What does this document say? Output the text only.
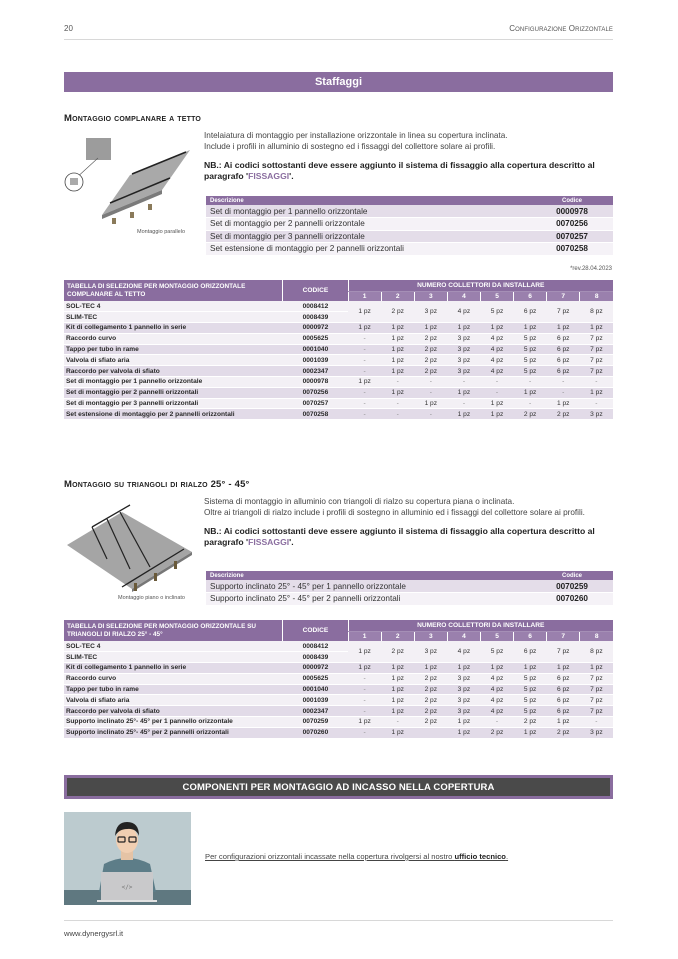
20	Configurazione Orizzontale
Staffaggi
Montaggio complanare a tetto
Montaggio parallelo
Intelaiatura di montaggio per installazione orizzontale in linea su copertura inclinata.
Include i profili in alluminio di sostegno ed i fissaggi del collettore solare ai profili.
NB.: Ai codici sottostanti deve essere aggiunto il sistema di fissaggio alla copertura descritto al paragrafo 'FISSAGGI'.
Descrizione	Codice
Set di montaggio per 1 pannello orizzontale	0000978
Set di montaggio per 2 pannelli orizzontale	0070256
Set di montaggio per 3 pannelli orizzontale	0070257
Set estensione di montaggio per 2 pannelli orizzontali	0070258
*rev.28.04.2023
TABELLA DI SELEZIONE PER MONTAGGIO ORIZZONTALE COMPLANARE AL TETTO	CODICE	NUMERO COLLETTORI DA INSTALLARE							
		1	2	3	4	5	6	7	8
SOL-TEC 4	0008412	1 pz	2 pz	3 pz	4 pz	5 pz	6 pz	7 pz	8 pz
SLIM-TEC	0008439								
Kit di collegamento 1 pannello in serie	0000972	1 pz	1 pz	1 pz	1 pz	1 pz	1 pz	1 pz	1 pz
Raccordo curvo	0005625	-	1 pz	2 pz	3 pz	4 pz	5 pz	6 pz	7 pz
Tappo per tubo in rame	0001040	-	1 pz	2 pz	3 pz	4 pz	5 pz	6 pz	7 pz
Valvola di sfiato aria	0001039	-	1 pz	2 pz	3 pz	4 pz	5 pz	6 pz	7 pz
Raccordo per valvola di sfiato	0002347	-	1 pz	2 pz	3 pz	4 pz	5 pz	6 pz	7 pz
Set di montaggio per 1 pannello orizzontale	0000978	1 pz	-	-	-	-	-	-	-
Set di montaggio per 2 pannelli orizzontali	0070256	-	1 pz	-	1 pz	-	1 pz	-	1 pz
Set di montaggio per 3 pannelli orizzontali	0070257	-	-	1 pz	-	1 pz	-	1 pz	-
Set estensione di montaggio per 2 pannelli orizzontali	0070258	-	-	-	1 pz	1 pz	2 pz	2 pz	3 pz
Montaggio su triangoli di rialzo 25° - 45°
Montaggio piano o inclinato
Sistema di montaggio in alluminio con triangoli di rialzo su copertura piana o inclinata.
Oltre ai triangoli di rialzo include i profili di sostegno in alluminio ed i fissaggi del collettore solare ai profili.
NB.: Ai codici sottostanti deve essere aggiunto il sistema di fissaggio alla copertura descritto al paragrafo 'FISSAGGI'.
Descrizione	Codice
Supporto inclinato 25° - 45° per 1 pannello orizzontale	0070259
Supporto inclinato 25° - 45° per 2 pannelli orizzontali	0070260
TABELLA DI SELEZIONE PER MONTAGGIO ORIZZONTALE SU TRIANGOLI DI RIALZO 25° - 45°	CODICE	NUMERO COLLETTORI DA INSTALLARE							
		1	2	3	4	5	6	7	8
SOL-TEC 4	0008412	1 pz	2 pz	3 pz	4 pz	5 pz	6 pz	7 pz	8 pz
SLIM-TEC	0008439								
Kit di collegamento 1 pannello in serie	0000972	1 pz	1 pz	1 pz	1 pz	1 pz	1 pz	1 pz	1 pz
Raccordo curvo	0005625	-	1 pz	2 pz	3 pz	4 pz	5 pz	6 pz	7 pz
Tappo per tubo in rame	0001040	-	1 pz	2 pz	3 pz	4 pz	5 pz	6 pz	7 pz
Valvola di sfiato aria	0001039	-	1 pz	2 pz	3 pz	4 pz	5 pz	6 pz	7 pz
Raccordo per valvola di sfiato	0002347	-	1 pz	2 pz	3 pz	4 pz	5 pz	6 pz	7 pz
Supporto inclinato 25°- 45° per 1 pannello orizzontale	0070259	1 pz	-	2 pz	1 pz	-	2 pz	1 pz	-
Supporto inclinato 25°- 45° per 2 pannelli orizzontali	0070260	-	1 pz		1 pz	2 pz	1 pz	2 pz	3 pz
COMPONENTI PER MONTAGGIO AD INCASSO NELLA COPERTURA
</>
Per configurazioni orizzontali incassate nella copertura rivolgersi al nostro ufficio tecnico.
www.dynergysrl.it
